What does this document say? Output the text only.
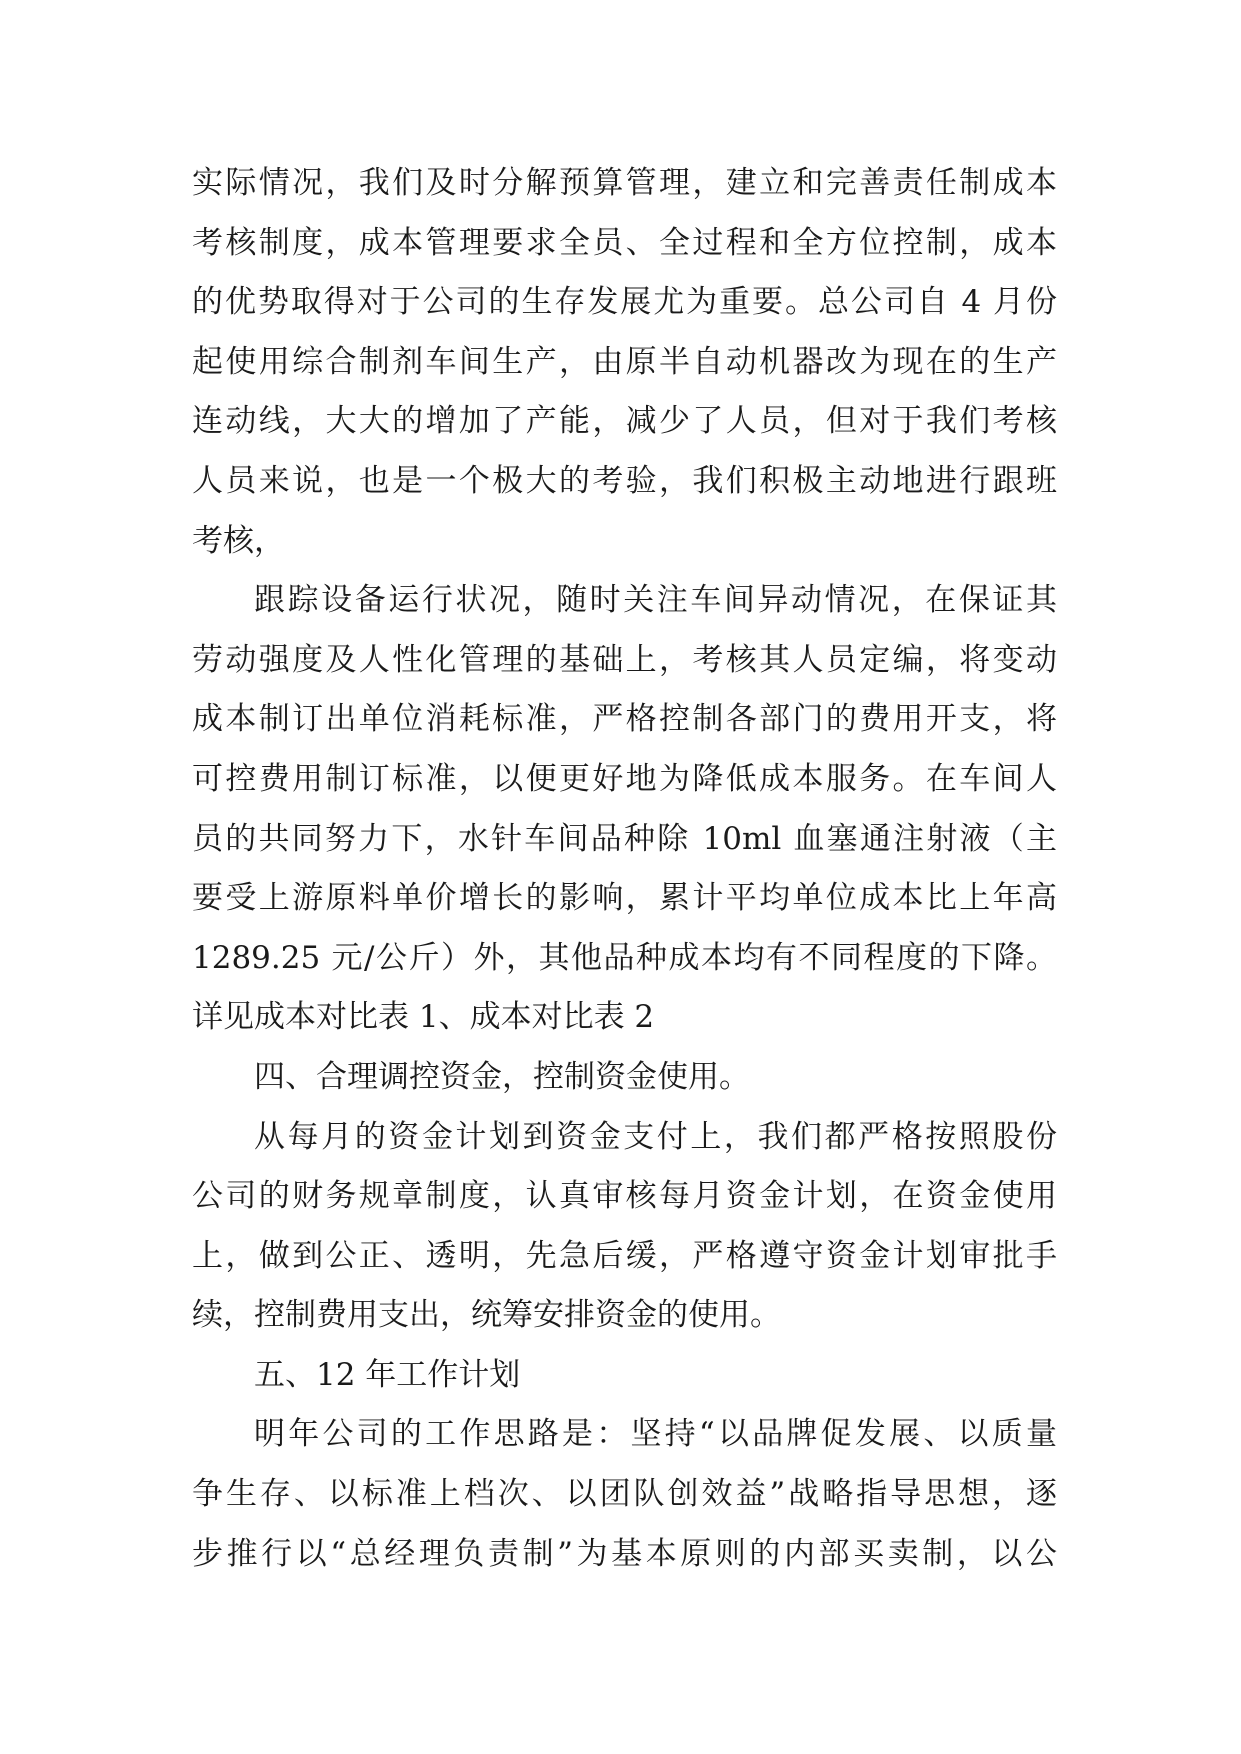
实际情况，我们及时分解预算管理，建立和完善责任制成本
考核制度，成本管理要求全员、全过程和全方位控制，成本
的优势取得对于公司的生存发展尤为重要。总公司自 4 月份
起使用综合制剂车间生产，由原半自动机器改为现在的生产
连动线，大大的增加了产能，减少了人员，但对于我们考核
人员来说，也是一个极大的考验，我们积极主动地进行跟班
考核，
跟踪设备运行状况，随时关注车间异动情况，在保证其
劳动强度及人性化管理的基础上，考核其人员定编，将变动
成本制订出单位消耗标准，严格控制各部门的费用开支，将
可控费用制订标准，以便更好地为降低成本服务。在车间人
员的共同努力下，水针车间品种除 10ml 血塞通注射液（主
要受上游原料单价增长的影响，累计平均单位成本比上年高
1289.25 元/公斤）外，其他品种成本均有不同程度的下降。
详见成本对比表 1、成本对比表 2
四、合理调控资金，控制资金使用。
从每月的资金计划到资金支付上，我们都严格按照股份
公司的财务规章制度，认真审核每月资金计划，在资金使用
上，做到公正、透明，先急后缓，严格遵守资金计划审批手
续，控制费用支出，统筹安排资金的使用。
五、12 年工作计划
明年公司的工作思路是：坚持“以品牌促发展、以质量
争生存、以标准上档次、以团队创效益”战略指导思想，逐
步推行以“总经理负责制”为基本原则的内部买卖制，以公
